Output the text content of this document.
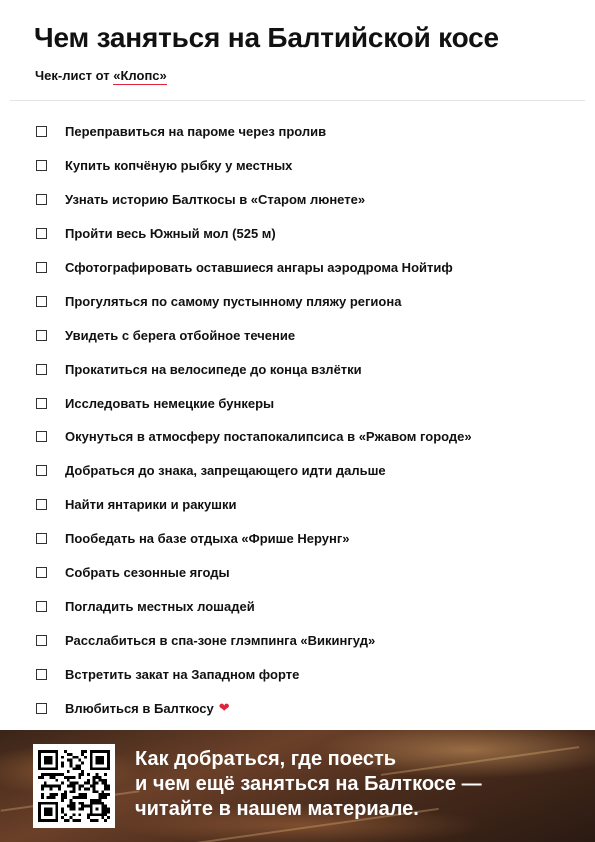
Чем заняться на Балтийской косе
Чек-лист от «Клопс»
Переправиться на пароме через пролив
Купить копчёную рыбку у местных
Узнать историю Балткосы в «Старом люнете»
Пройти весь Южный мол (525 м)
Сфотографировать оставшиеся ангары аэродрома Нойтиф
Прогуляться по самому пустынному пляжу региона
Увидеть с берега отбойное течение
Прокатиться на велосипеде до конца взлётки
Исследовать немецкие бункеры
Окунуться в атмосферу постапокалипсиса в «Ржавом городе»
Добраться до знака, запрещающего идти дальше
Найти янтарики и ракушки
Пообедать на базе отдыха «Фрише Нерунг»
Собрать сезонные ягоды
Погладить местных лошадей
Расслабиться в спа-зоне глэмпинга «Викингуд»
Встретить закат на Западном форте
Влюбиться в Балткосу ❤

Как добраться, где поесть
и чем ещё заняться на Балткосе —
читайте в нашем материале.
